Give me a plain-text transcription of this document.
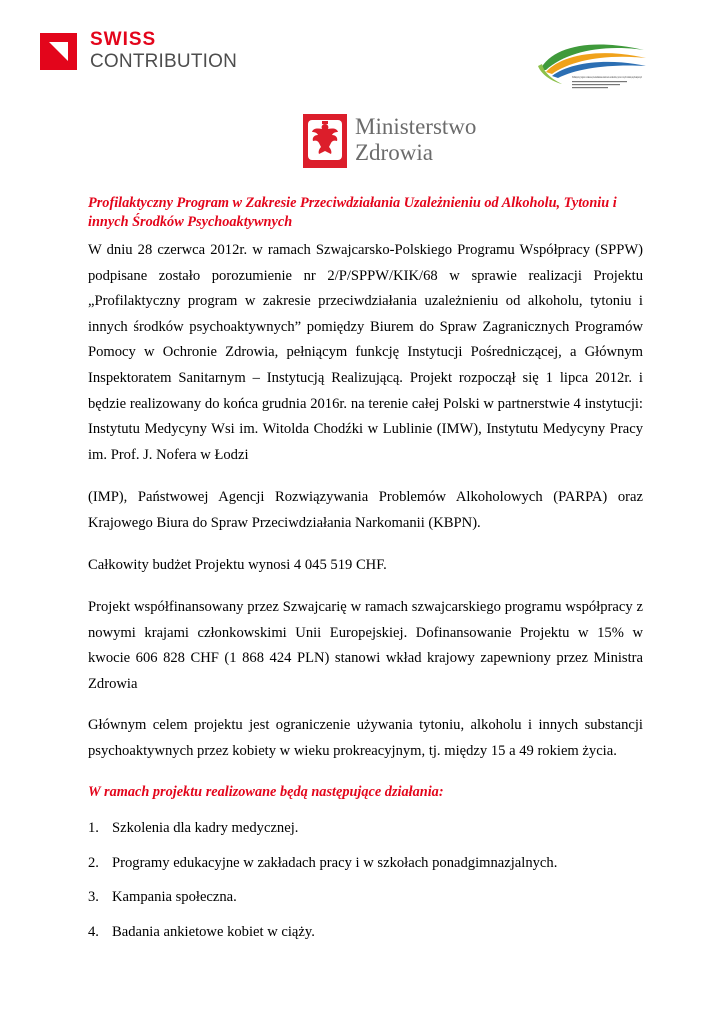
SWISS
CONTRIBUTION
Profilaktyczny program w zakresie przeciwdziałania uzależnieniu od alkoholu, tytoniu i innych środków psychoaktywnych
Ministerstwo
Zdrowia

Profilaktyczny Program w Zakresie Przeciwdziałania Uzależnieniu od Alkoholu, Tytoniu i innych Środków Psychoaktywnych

W dniu 28 czerwca 2012r. w ramach Szwajcarsko-Polskiego Programu Współpracy (SPPW) podpisane zostało porozumienie nr 2/P/SPPW/KIK/68 w sprawie realizacji Projektu „Profilaktyczny program w zakresie przeciwdziałania uzależnieniu od alkoholu, tytoniu i innych środków psychoaktywnych” pomiędzy Biurem do Spraw Zagranicznych Programów Pomocy w Ochronie Zdrowia, pełniącym funkcję Instytucji Pośredniczącej, a Głównym Inspektoratem Sanitarnym – Instytucją Realizującą. Projekt rozpoczął się 1 lipca 2012r. i będzie realizowany do końca grudnia 2016r. na terenie całej Polski w partnerstwie 4 instytucji: Instytutu Medycyny Wsi im. Witolda Chodźki w Lublinie (IMW), Instytutu Medycyny Pracy im. Prof. J. Nofera w Łodzi

(IMP), Państwowej Agencji Rozwiązywania Problemów Alkoholowych (PARPA) oraz Krajowego Biura do Spraw Przeciwdziałania Narkomanii (KBPN).

Całkowity budżet Projektu wynosi 4 045 519 CHF.

Projekt współfinansowany przez Szwajcarię w ramach szwajcarskiego programu współpracy z nowymi krajami członkowskimi Unii Europejskiej. Dofinansowanie Projektu w 15% w kwocie 606 828 CHF (1 868 424 PLN) stanowi wkład krajowy zapewniony przez Ministra Zdrowia

Głównym celem projektu jest ograniczenie używania tytoniu, alkoholu i innych substancji psychoaktywnych przez kobiety w wieku prokreacyjnym, tj. między 15 a 49 rokiem życia.

W ramach projektu realizowane będą następujące działania:

1. Szkolenia dla kadry medycznej.
2. Programy edukacyjne w zakładach pracy i w szkołach ponadgimnazjalnych.
3. Kampania społeczna.
4. Badania ankietowe kobiet w ciąży.
